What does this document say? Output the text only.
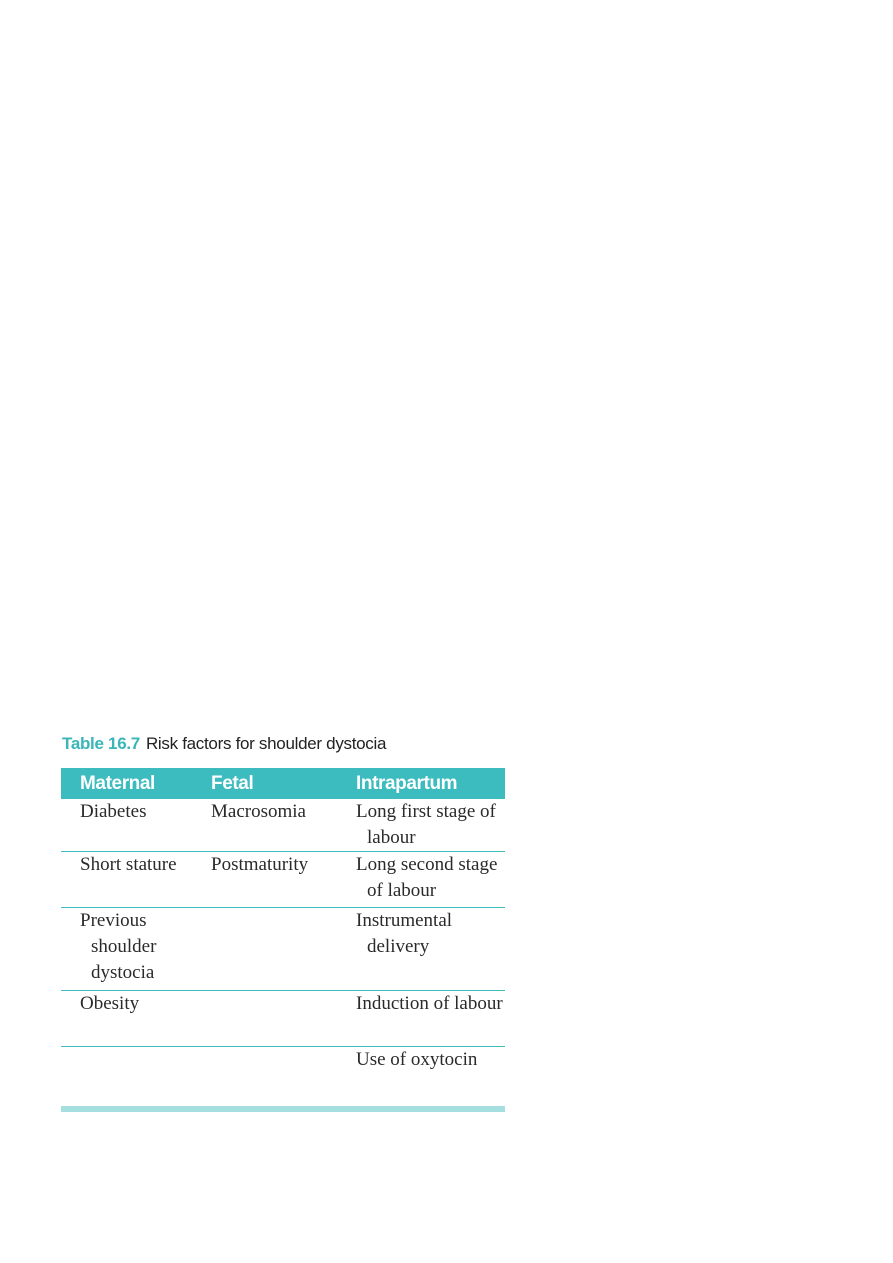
Table 16.7 Risk factors for shoulder dystocia
Maternal	Fetal	Intrapartum

Diabetes	Macrosomia	Long first stage of labour

Short stature	Postmaturity	Long second stage of labour

Previous shoulder dystocia		Instrumental delivery

Obesity		Induction of labour

		Use of oxytocin
